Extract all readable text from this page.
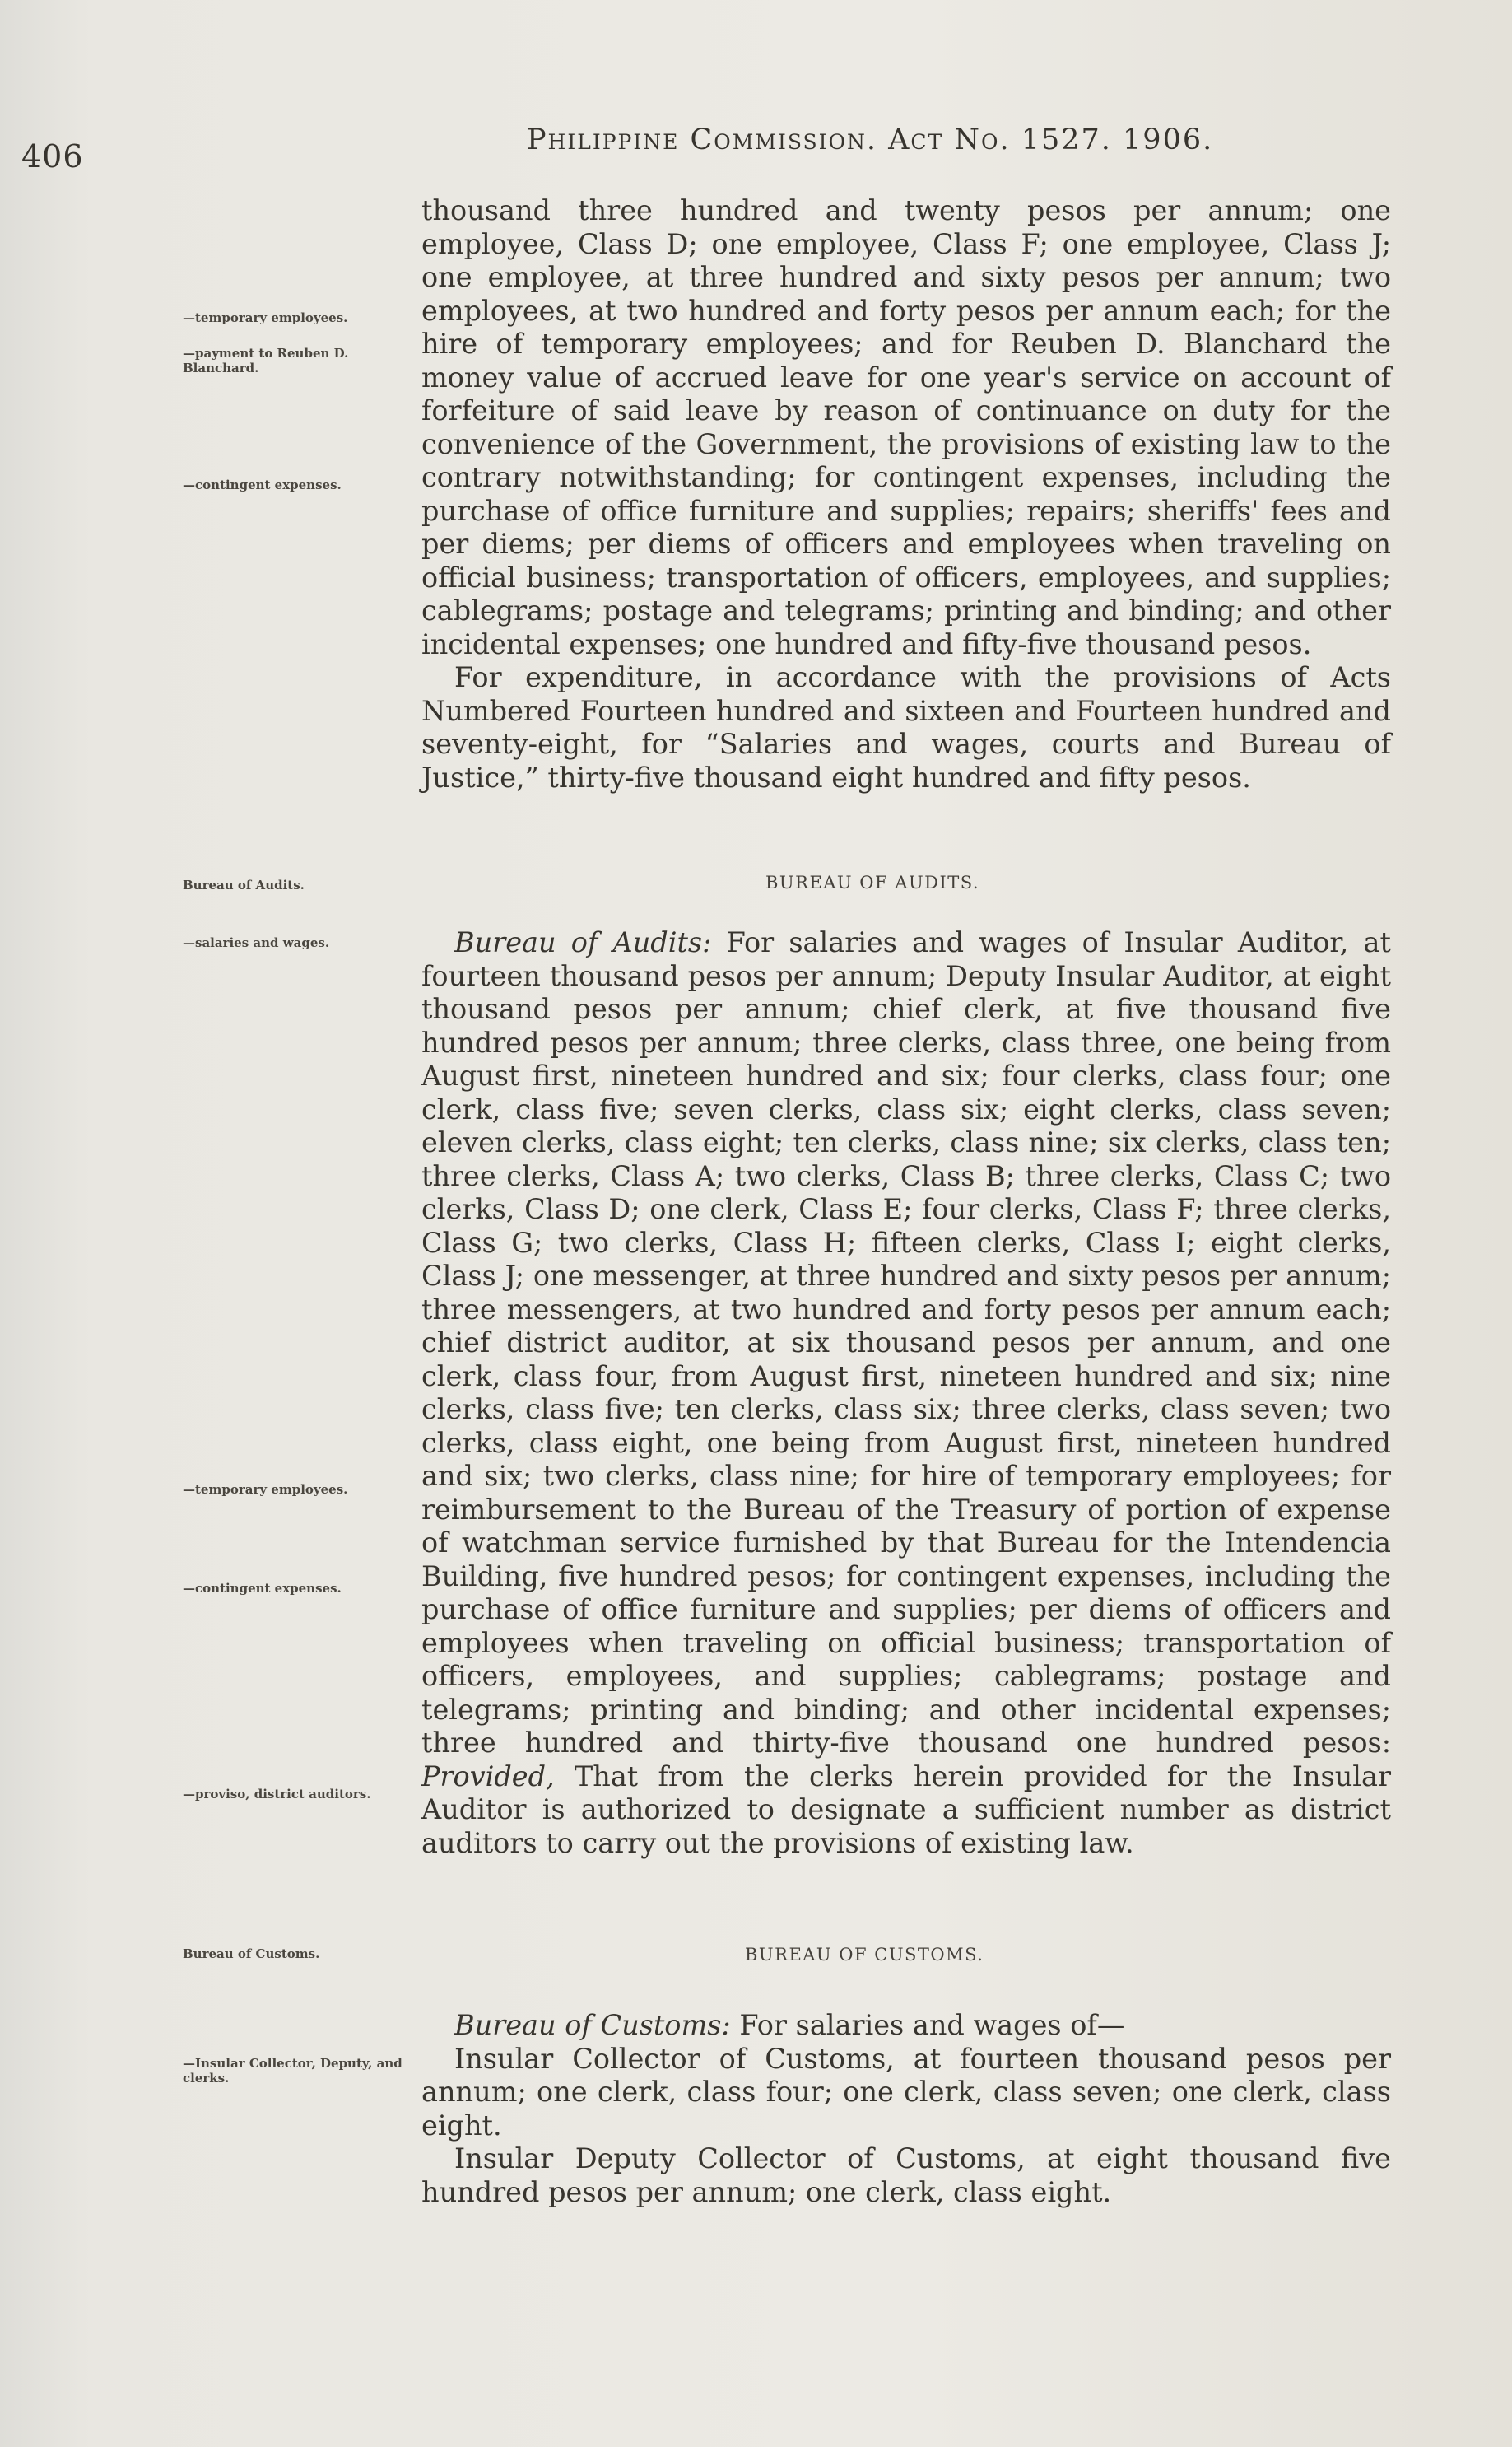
406	Philippine Commission. Act No. 1527. 1906.
—temporary employees.
—payment to Reuben D. Blanchard.
—contingent expenses.
Bureau of Audits.
—salaries and wages.
—temporary employees.
—contingent expenses.
—proviso, district auditors.
Bureau of Customs.
—Insular Collector, Deputy, and clerks.

thousand three hundred and twenty pesos per annum; one employee, Class D; one employee, Class F; one employee, Class J; one employee, at three hundred and sixty pesos per annum; two employees, at two hundred and forty pesos per annum each; for the hire of temporary employees; and for Reuben D. Blanchard the money value of accrued leave for one year's service on account of forfeiture of said leave by reason of continuance on duty for the convenience of the Government, the provisions of existing law to the contrary notwithstanding; for contingent expenses, including the purchase of office furniture and supplies; repairs; sheriffs' fees and per diems; per diems of officers and employees when traveling on official business; transportation of officers, employees, and supplies; cablegrams; postage and telegrams; printing and binding; and other incidental expenses; one hundred and fifty-five thousand pesos.

For expenditure, in accordance with the provisions of Acts Numbered Fourteen hundred and sixteen and Fourteen hundred and seventy-eight, for “Salaries and wages, courts and Bureau of Justice,” thirty-five thousand eight hundred and fifty pesos.

BUREAU OF AUDITS.

Bureau of Audits: For salaries and wages of Insular Auditor, at fourteen thousand pesos per annum; Deputy Insular Auditor, at eight thousand pesos per annum; chief clerk, at five thousand five hundred pesos per annum; three clerks, class three, one being from August first, nineteen hundred and six; four clerks, class four; one clerk, class five; seven clerks, class six; eight clerks, class seven; eleven clerks, class eight; ten clerks, class nine; six clerks, class ten; three clerks, Class A; two clerks, Class B; three clerks, Class C; two clerks, Class D; one clerk, Class E; four clerks, Class F; three clerks, Class G; two clerks, Class H; fifteen clerks, Class I; eight clerks, Class J; one messenger, at three hundred and sixty pesos per annum; three messengers, at two hundred and forty pesos per annum each; chief district auditor, at six thousand pesos per annum, and one clerk, class four, from August first, nineteen hundred and six; nine clerks, class five; ten clerks, class six; three clerks, class seven; two clerks, class eight, one being from August first, nineteen hundred and six; two clerks, class nine; for hire of temporary employees; for reimbursement to the Bureau of the Treasury of portion of expense of watchman service furnished by that Bureau for the Intendencia Building, five hundred pesos; for contingent expenses, including the purchase of office furniture and supplies; per diems of officers and employees when traveling on official business; transportation of officers, employees, and supplies; cablegrams; postage and telegrams; printing and binding; and other incidental expenses; three hundred and thirty-five thousand one hundred pesos: Provided, That from the clerks herein provided for the Insular Auditor is authorized to designate a sufficient number as district auditors to carry out the provisions of existing law.

BUREAU OF CUSTOMS.

Bureau of Customs: For salaries and wages of—

Insular Collector of Customs, at fourteen thousand pesos per annum; one clerk, class four; one clerk, class seven; one clerk, class eight.

Insular Deputy Collector of Customs, at eight thousand five hundred pesos per annum; one clerk, class eight.
